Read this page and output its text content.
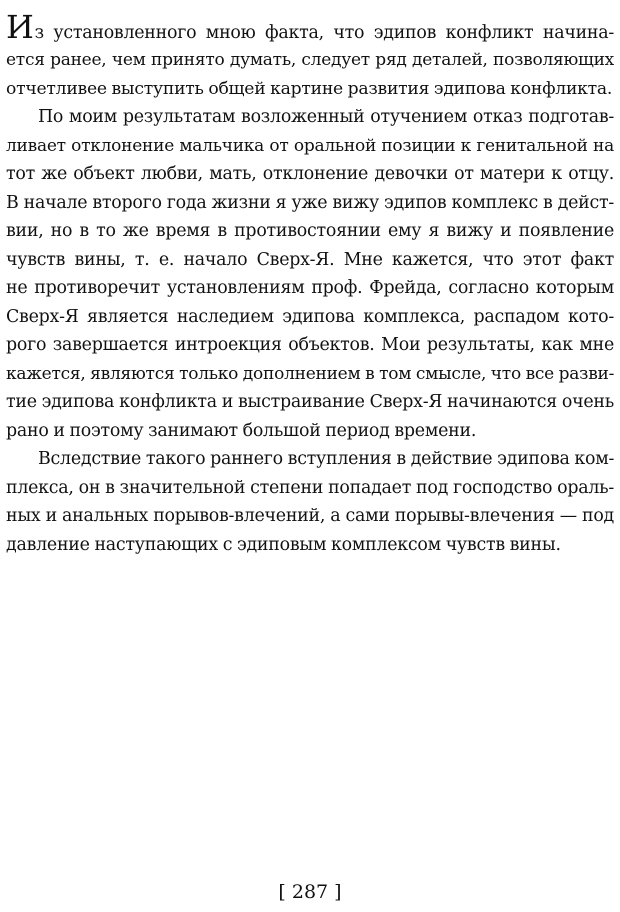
Из установленного мною факта, что эдипов конфликт начина-
ется ранее, чем принято думать, следует ряд деталей, позволяющих
отчетливее выступить общей картине развития эдипова конфликта.
По моим результатам возложенный отучением отказ подготав-
ливает отклонение мальчика от оральной позиции к генитальной на
тот же объект любви, мать, отклонение девочки от матери к отцу.
В начале второго года жизни я уже вижу эдипов комплекс в дейст-
вии, но в то же время в противостоянии ему я вижу и появление
чувств вины, т. е. начало Сверх-Я. Мне кажется, что этот факт
не противоречит установлениям проф. Фрейда, согласно которым
Сверх-Я является наследием эдипова комплекса, распадом кото-
рого завершается интроекция объектов. Мои результаты, как мне
кажется, являются только дополнением в том смысле, что все разви-
тие эдипова конфликта и выстраивание Сверх-Я начинаются очень
рано и поэтому занимают большой период времени.
Вследствие такого раннего вступления в действие эдипова ком-
плекса, он в значительной степени попадает под господство ораль-
ных и анальных порывов-влечений, а сами порывы-влечения — под
давление наступающих с эдиповым комплексом чувств вины.
[ 287 ]
